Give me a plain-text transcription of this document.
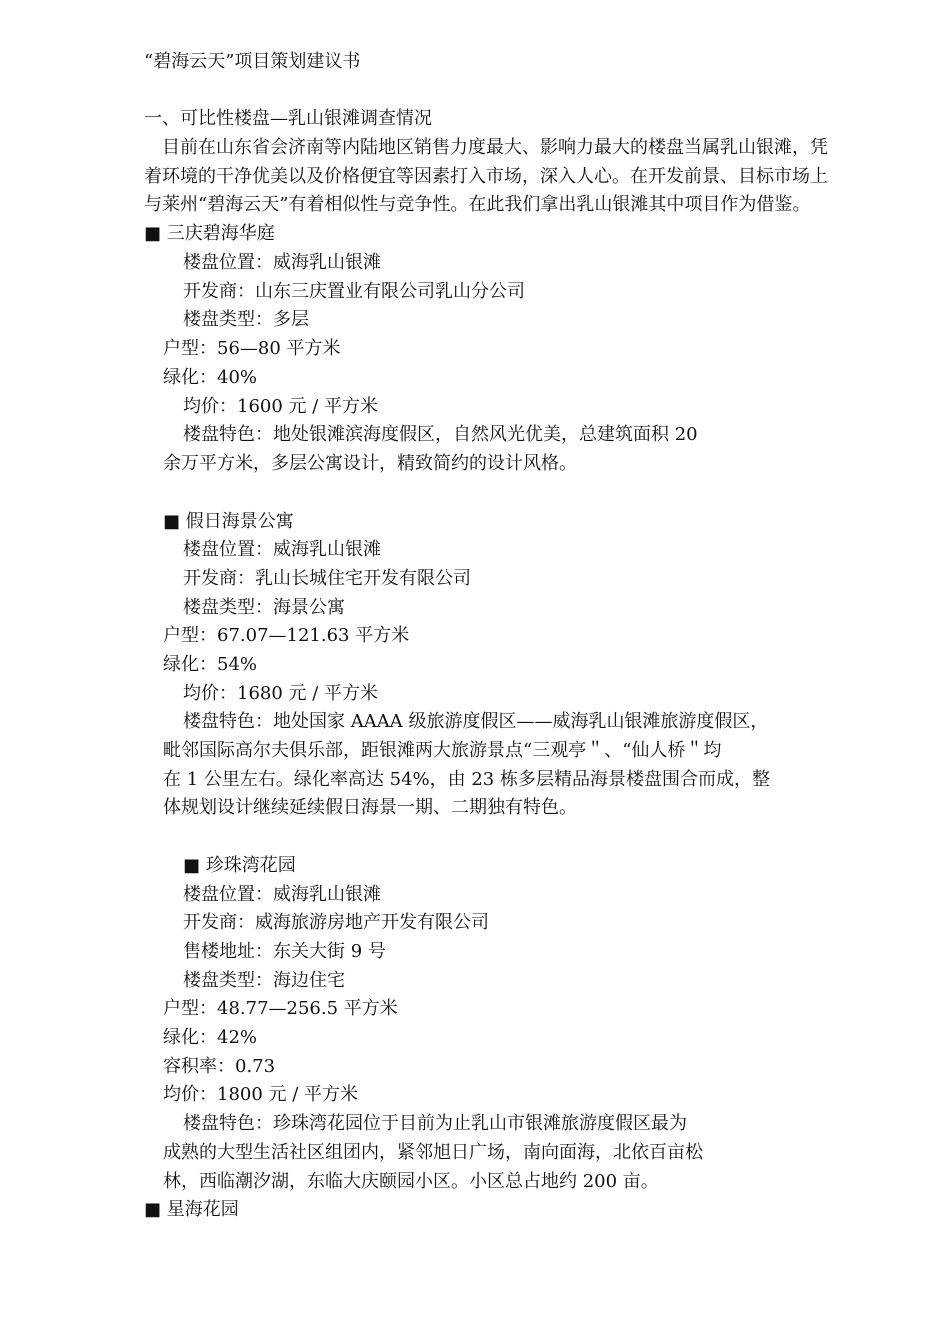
“碧海云天”项目策划建议书
一、可比性楼盘—乳山银滩调查情况
目前在山东省会济南等内陆地区销售力度最大、影响力最大的楼盘当属乳山银滩，凭
着环境的干净优美以及价格便宜等因素打入市场，深入人心。在开发前景、目标市场上
与莱州“碧海云天”有着相似性与竞争性。在此我们拿出乳山银滩其中项目作为借鉴。
■ 三庆碧海华庭
楼盘位置：威海乳山银滩
开发商：山东三庆置业有限公司乳山分公司
楼盘类型：多层
户型：56—80 平方米
绿化：40%
均价：1600 元 / 平方米
楼盘特色：地处银滩滨海度假区，自然风光优美，总建筑面积 20
余万平方米，多层公寓设计，精致简约的设计风格。
■ 假日海景公寓
楼盘位置：威海乳山银滩
开发商：乳山长城住宅开发有限公司
楼盘类型：海景公寓
户型：67.07—121.63 平方米
绿化：54%
均价：1680 元 / 平方米
楼盘特色：地处国家 AAAA 级旅游度假区——威海乳山银滩旅游度假区，
毗邻国际高尔夫俱乐部，距银滩两大旅游景点“三观亭＂、“仙人桥＂均
在 1 公里左右。绿化率高达 54%，由 23 栋多层精品海景楼盘围合而成，整
体规划设计继续延续假日海景一期、二期独有特色。
■ 珍珠湾花园
楼盘位置：威海乳山银滩
开发商：威海旅游房地产开发有限公司
售楼地址：东关大街 9 号
楼盘类型：海边住宅
户型：48.77—256.5 平方米
绿化：42%
容积率：0.73
均价：1800 元 / 平方米
楼盘特色：珍珠湾花园位于目前为止乳山市银滩旅游度假区最为
成熟的大型生活社区组团内，紧邻旭日广场，南向面海，北依百亩松
林，西临潮汐湖，东临大庆颐园小区。小区总占地约 200 亩。
■ 星海花园
